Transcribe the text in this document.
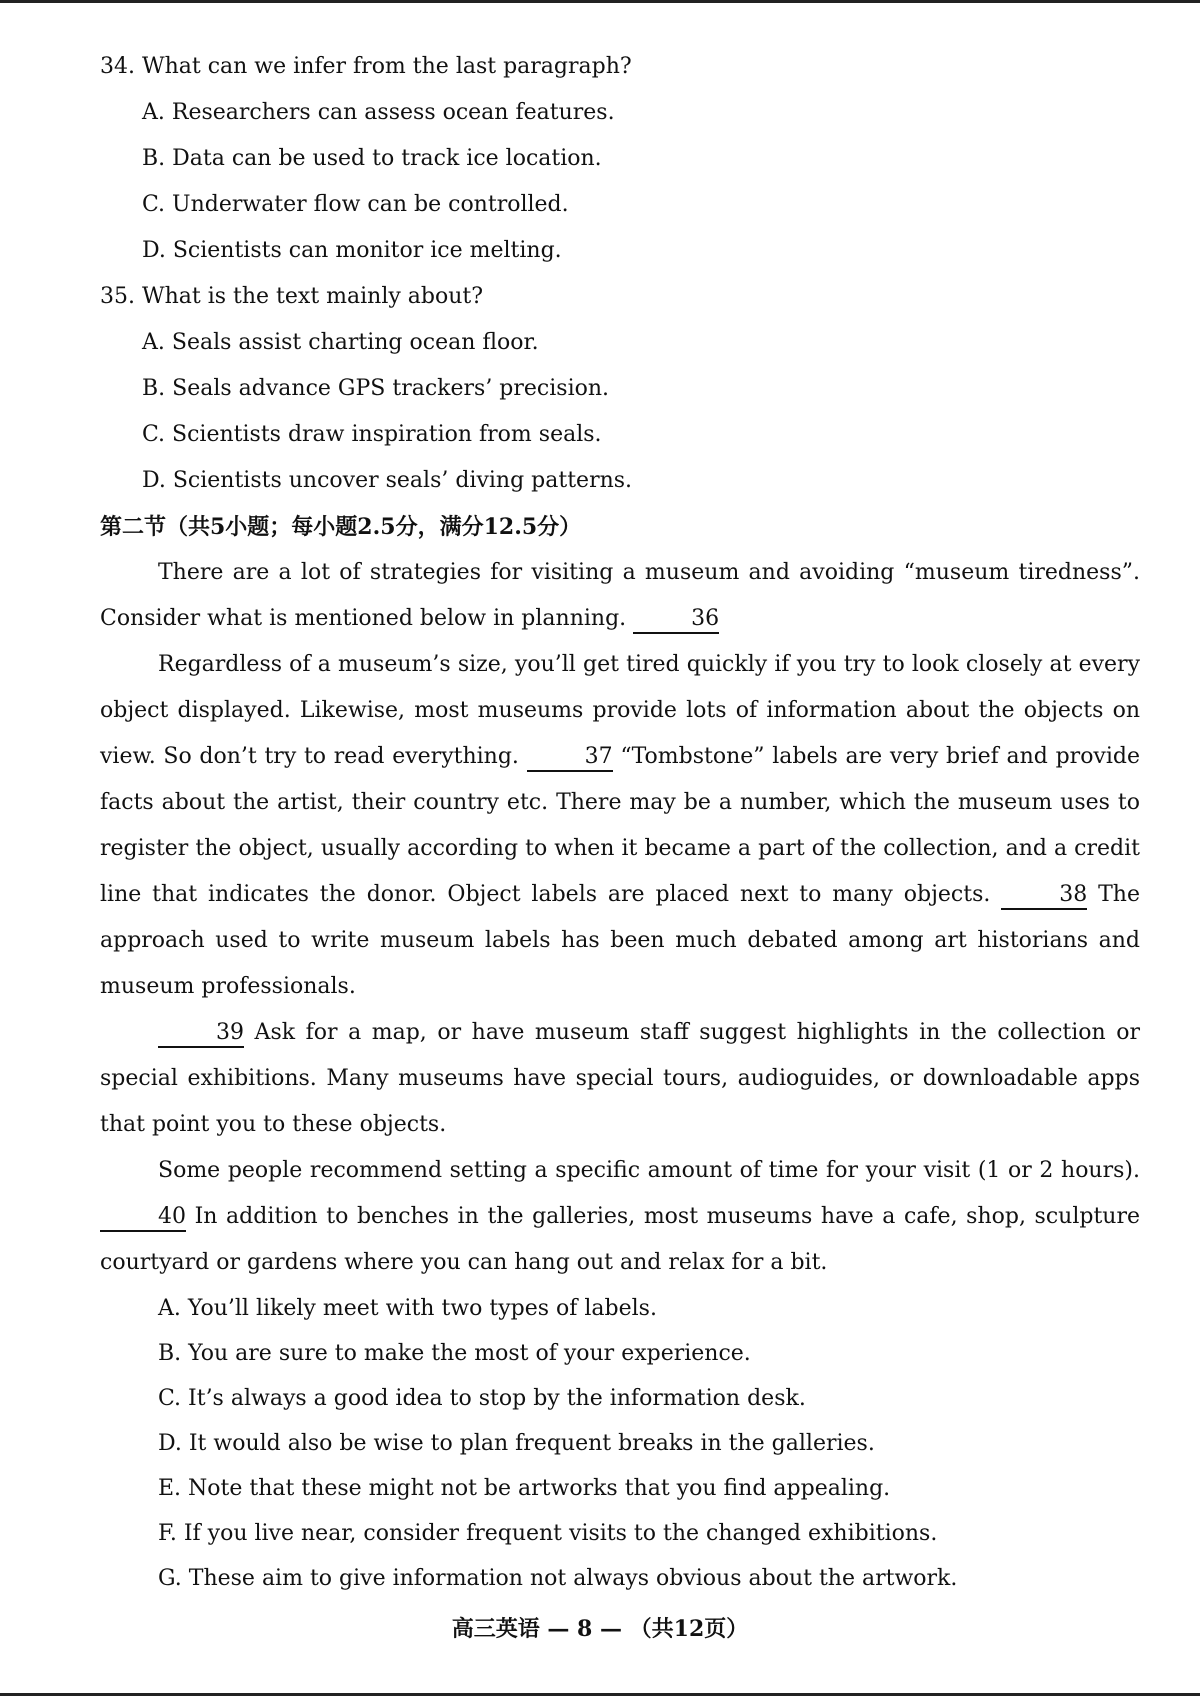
34. What can we infer from the last paragraph?

A. Researchers can assess ocean features.

B. Data can be used to track ice location.

C. Underwater flow can be controlled.

D. Scientists can monitor ice melting.

35. What is the text mainly about?

A. Seals assist charting ocean floor.

B. Seals advance GPS trackers’ precision.

C. Scientists draw inspiration from seals.

D. Scientists uncover seals’ diving patterns.

第二节（共5小题；每小题2.5分，满分12.5分）

There are a lot of strategies for visiting a museum and avoiding “museum tiredness”. Consider what is mentioned below in planning.	36

Regardless of a museum’s size, you’ll get tired quickly if you try to look closely at every object displayed. Likewise, most museums provide lots of information about the objects on view. So don’t try to read everything.	37 “Tombstone” labels are very brief and provide facts about the artist, their country etc. There may be a number, which the museum uses to register the object, usually according to when it became a part of the collection, and a credit line that indicates the donor. Object labels are placed next to many objects.	38 The approach used to write museum labels has been much debated among art historians and museum professionals.

39 Ask for a map, or have museum staff suggest highlights in the collection or special exhibitions. Many museums have special tours, audioguides, or downloadable apps that point you to these objects.

Some people recommend setting a specific amount of time for your visit (1 or 2 hours). 40 In addition to benches in the galleries, most museums have a cafe, shop, sculpture courtyard or gardens where you can hang out and relax for a bit.

A. You’ll likely meet with two types of labels.

B. You are sure to make the most of your experience.

C. It’s always a good idea to stop by the information desk.

D. It would also be wise to plan frequent breaks in the galleries.

E. Note that these might not be artworks that you find appealing.

F. If you live near, consider frequent visits to the changed exhibitions.

G. These aim to give information not always obvious about the artwork.

高三英语 — 8 — （共12页）
